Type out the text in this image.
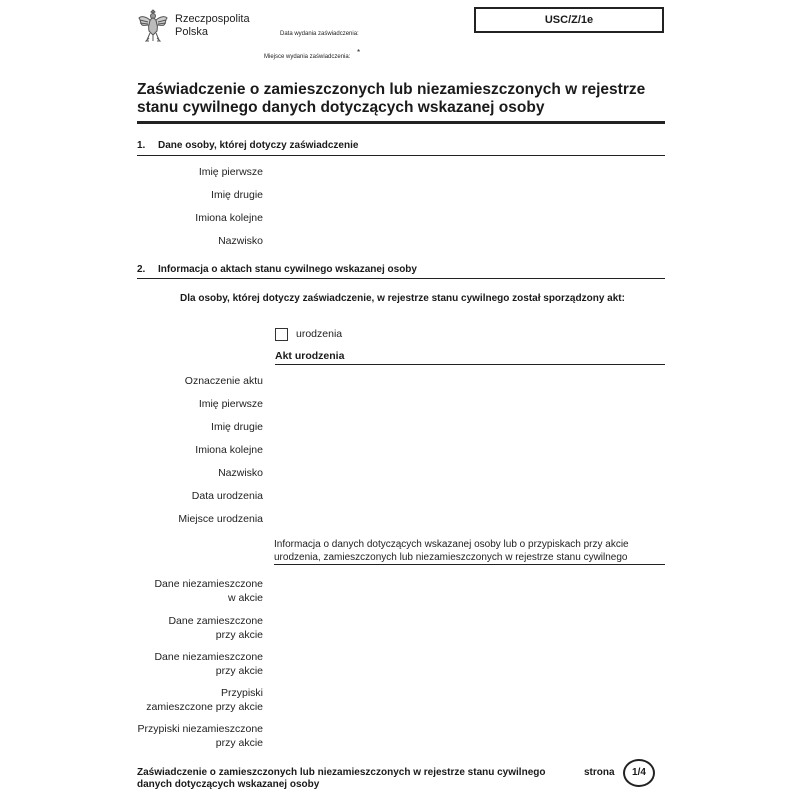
Rzeczpospolita
Polska	Data wydania zaświadczenia:
Miejsce wydania zaświadczenia: *
USC/Z/1e
Zaświadczenie o zamieszczonych lub niezamieszczonych w rejestrze stanu cywilnego danych dotyczących wskazanej osoby
1. Dane osoby, której dotyczy zaświadczenie
Imię pierwsze
Imię drugie
Imiona kolejne
Nazwisko
2. Informacja o aktach stanu cywilnego wskazanej osoby
Dla osoby, której dotyczy zaświadczenie, w rejestrze stanu cywilnego został sporządzony akt:
urodzenia
Akt urodzenia
Oznaczenie aktu
Imię pierwsze
Imię drugie
Imiona kolejne
Nazwisko
Data urodzenia
Miejsce urodzenia
Informacja o danych dotyczących wskazanej osoby lub o przypiskach przy akcie urodzenia, zamieszczonych lub niezamieszczonych w rejestrze stanu cywilnego
Dane niezamieszczone
w akcie
Dane zamieszczone
przy akcie
Dane niezamieszczone
przy akcie
Przypiski
zamieszczone przy akcie
Przypiski niezamieszczone
przy akcie
Zaświadczenie o zamieszczonych lub niezamieszczonych w rejestrze stanu cywilnego danych dotyczących wskazanej osoby
strona	1/4
